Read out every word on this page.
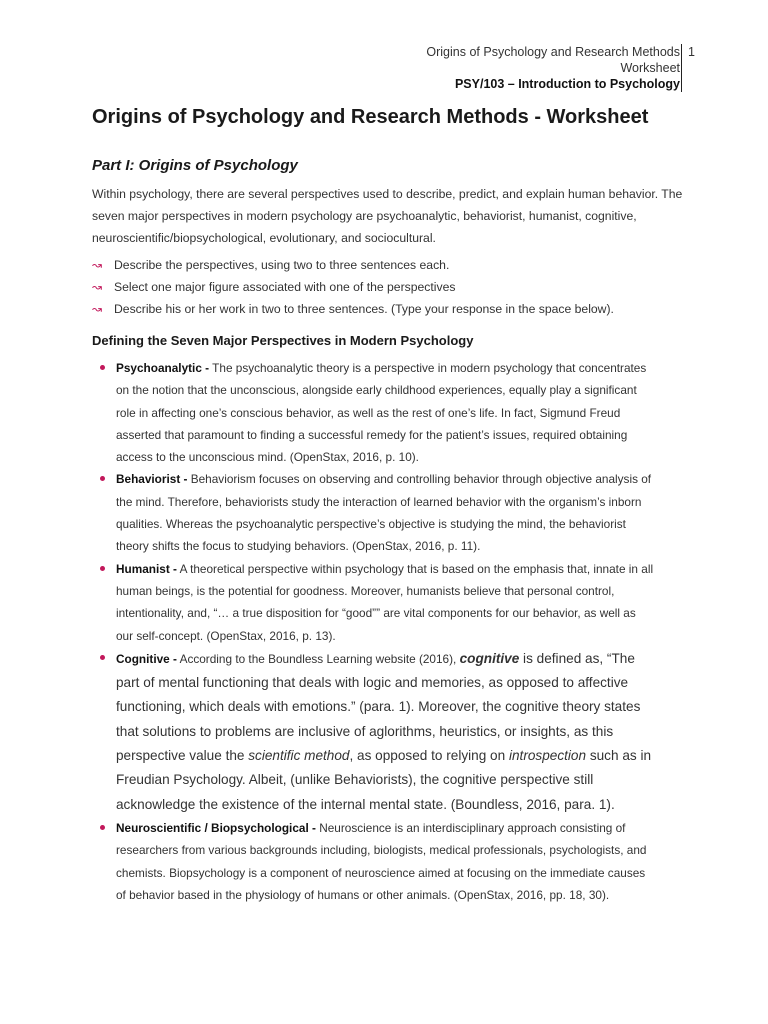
Origins of Psychology and Research Methods
Worksheet
PSY/103 – Introduction to Psychology
1
Origins of Psychology and Research Methods - Worksheet
Part I: Origins of Psychology

Within psychology, there are several perspectives used to describe, predict, and explain human behavior. The seven major perspectives in modern psychology are psychoanalytic, behaviorist, humanist, cognitive, neuroscientific/biopsychological, evolutionary, and sociocultural.

↝ Describe the perspectives, using two to three sentences each.
↝ Select one major figure associated with one of the perspectives
↝ Describe his or her work in two to three sentences. (Type your response in the space below).
Defining the Seven Major Perspectives in Modern Psychology

Psychoanalytic - The psychoanalytic theory is a perspective in modern psychology that concentrates on the notion that the unconscious, alongside early childhood experiences, equally play a significant role in affecting one’s conscious behavior, as well as the rest of one’s life. In fact, Sigmund Freud asserted that paramount to finding a successful remedy for the patient’s issues, required obtaining access to the unconscious mind. (OpenStax, 2016, p. 10).

Behaviorist - Behaviorism focuses on observing and controlling behavior through objective analysis of the mind. Therefore, behaviorists study the interaction of learned behavior with the organism’s inborn qualities. Whereas the psychoanalytic perspective’s objective is studying the mind, the behaviorist theory shifts the focus to studying behaviors. (OpenStax, 2016, p. 11).

Humanist - A theoretical perspective within psychology that is based on the emphasis that, innate in all human beings, is the potential for goodness. Moreover, humanists believe that personal control, intentionality, and, “… a true disposition for “good”” are vital components for our behavior, as well as our self-concept. (OpenStax, 2016, p. 13).

Cognitive - According to the Boundless Learning website (2016), cognitive is defined as, “The part of mental functioning that deals with logic and memories, as opposed to affective functioning, which deals with emotions.” (para. 1). Moreover, the cognitive theory states that solutions to problems are inclusive of aglorithms, heuristics, or insights, as this perspective value the scientific method, as opposed to relying on introspection such as in Freudian Psychology. Albeit, (unlike Behaviorists), the cognitive perspective still acknowledge the existence of the internal mental state. (Boundless, 2016, para. 1).

Neuroscientific / Biopsychological - Neuroscience is an interdisciplinary approach consisting of researchers from various backgrounds including, biologists, medical professionals, psychologists, and chemists. Biopsychology is a component of neuroscience aimed at focusing on the immediate causes of behavior based in the physiology of humans or other animals. (OpenStax, 2016, pp. 18, 30).
